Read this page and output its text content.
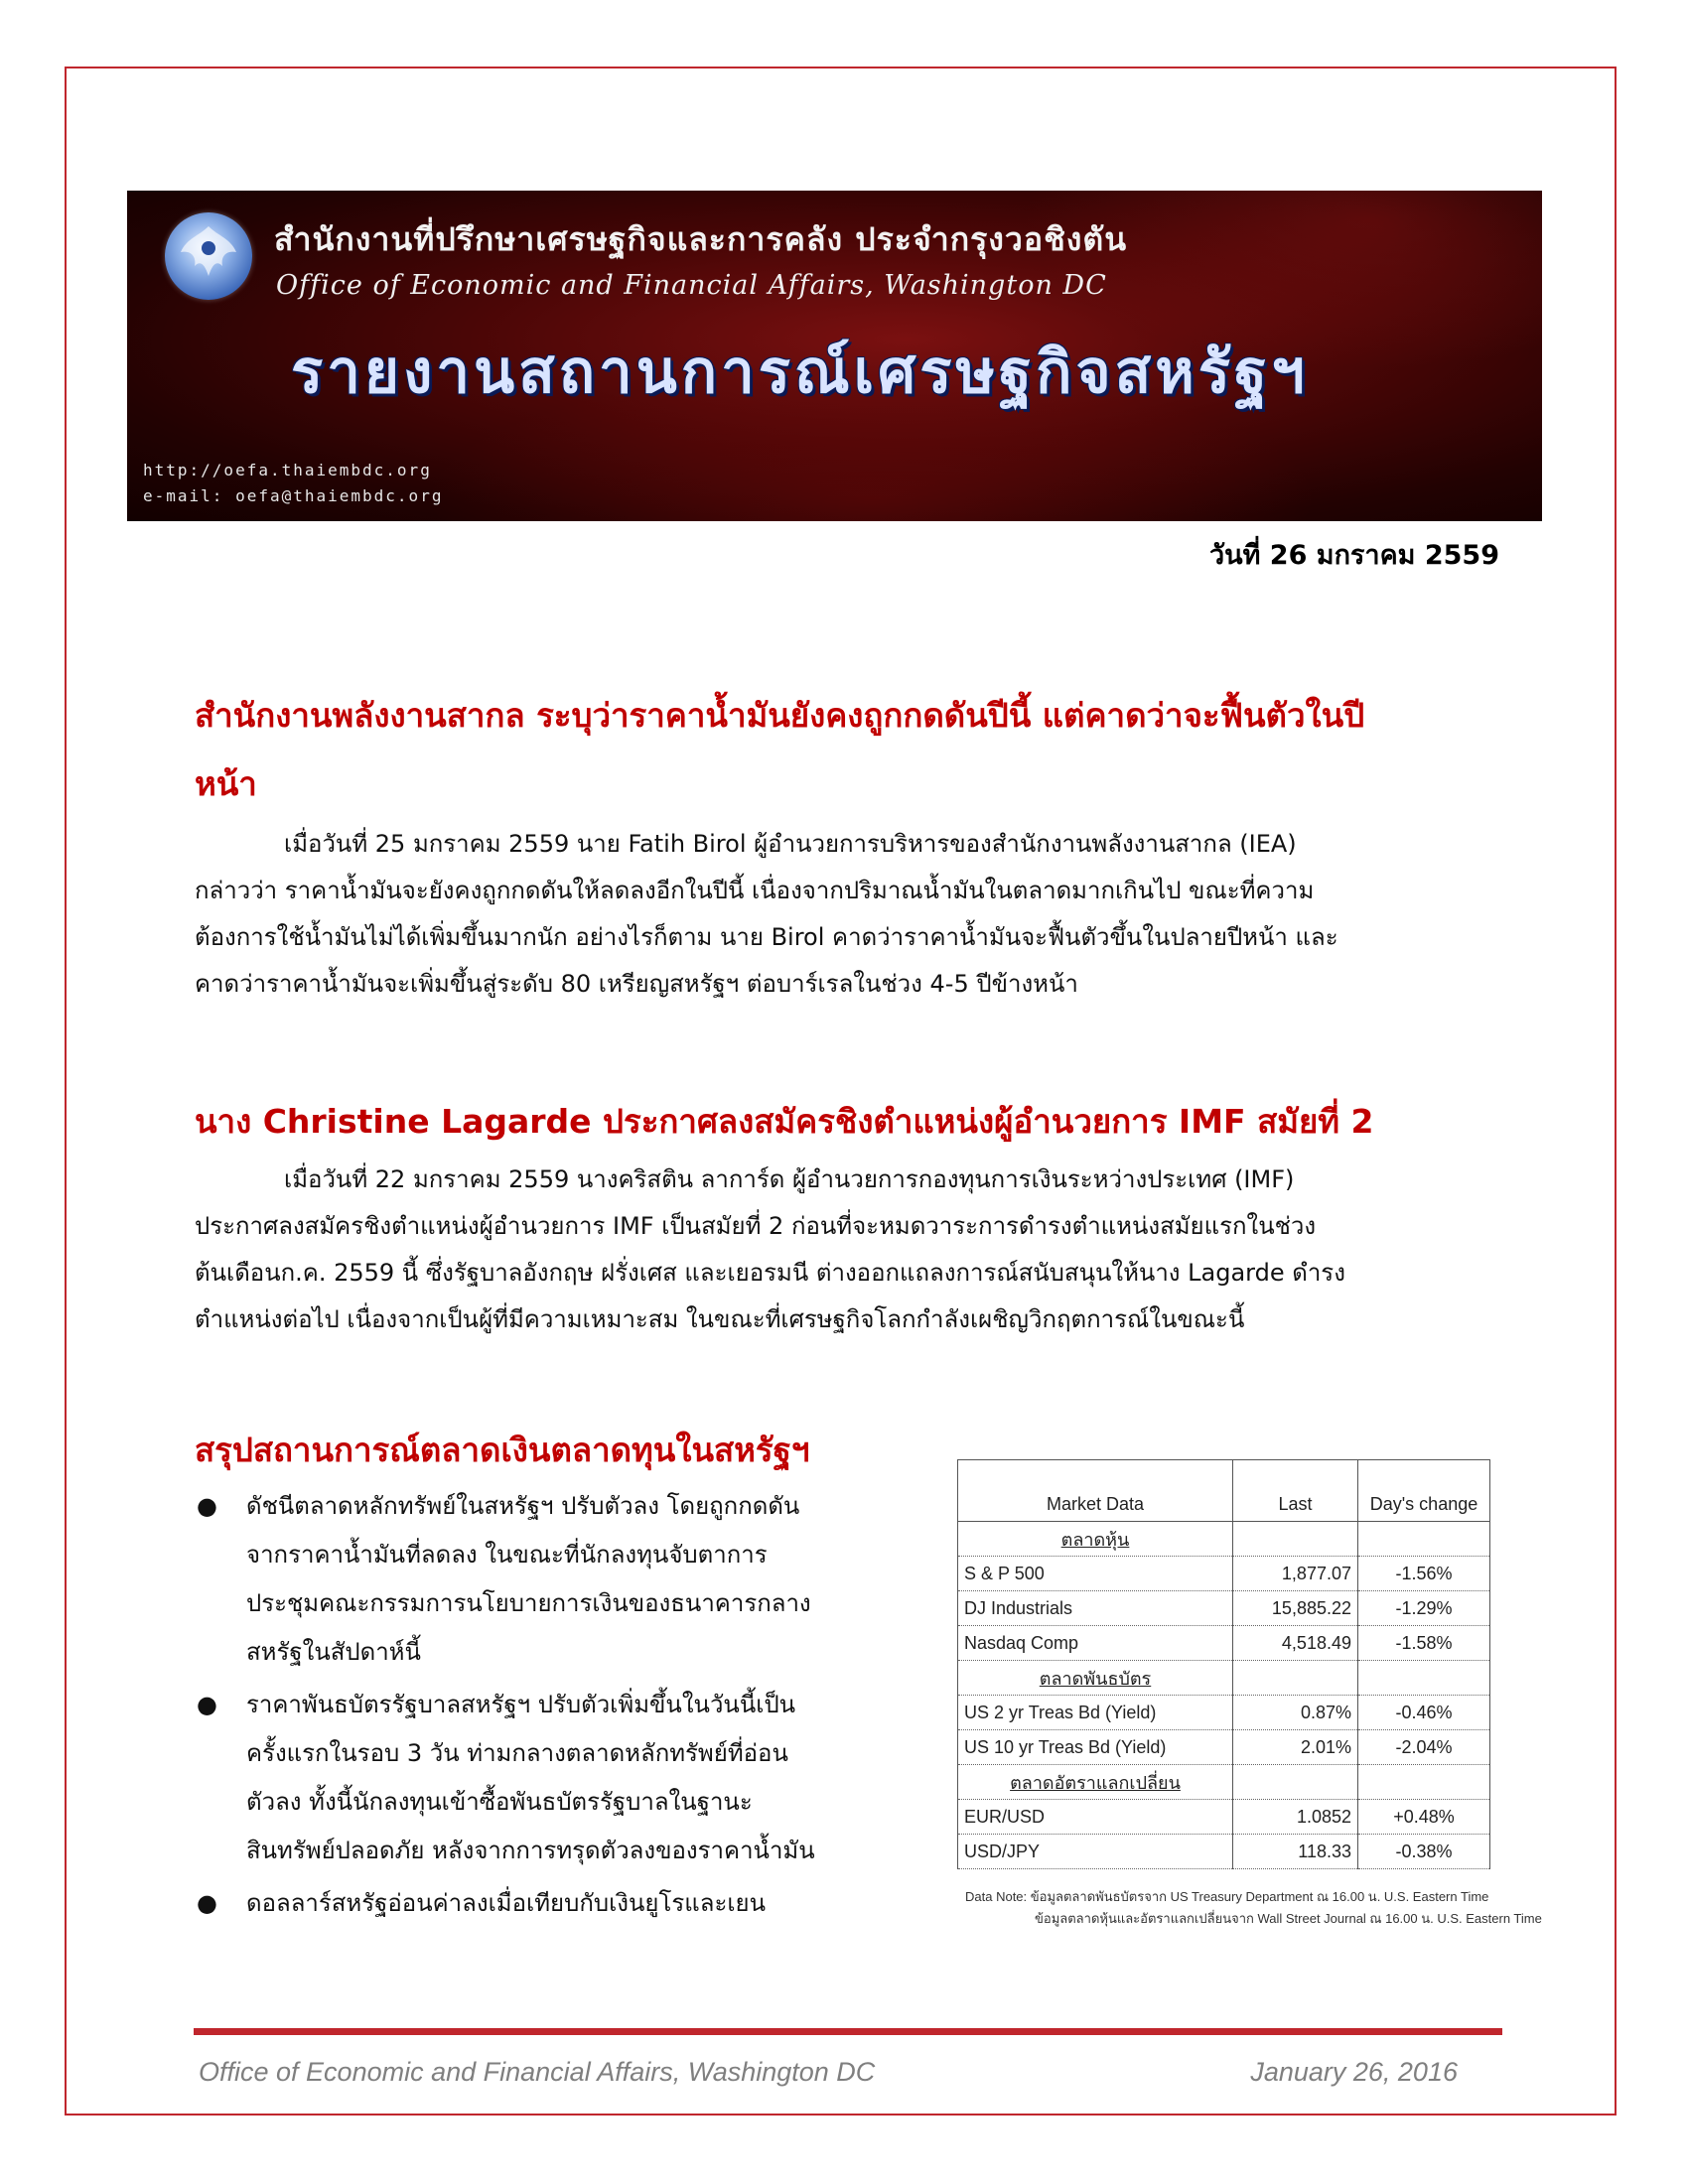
สำนักงานที่ปรึกษาเศรษฐกิจและการคลัง ประจำกรุงวอชิงตัน
Office of Economic and Financial Affairs, Washington DC
รายงานสถานการณ์เศรษฐกิจสหรัฐฯ
http://oefa.thaiembdc.org
e-mail: oefa@thaiembdc.org
วันที่ 26 มกราคม 2559
สำนักงานพลังงานสากล ระบุว่าราคาน้ำมันยังคงถูกกดดันปีนี้ แต่คาดว่าจะฟื้นตัวในปี
หน้า

เมื่อวันที่ 25 มกราคม 2559 นาย Fatih Birol ผู้อำนวยการบริหารของสำนักงานพลังงานสากล (IEA)
กล่าวว่า ราคาน้ำมันจะยังคงถูกกดดันให้ลดลงอีกในปีนี้ เนื่องจากปริมาณน้ำมันในตลาดมากเกินไป ขณะที่ความ
ต้องการใช้น้ำมันไม่ได้เพิ่มขึ้นมากนัก อย่างไรก็ตาม นาย Birol คาดว่าราคาน้ำมันจะฟื้นตัวขึ้นในปลายปีหน้า และ
คาดว่าราคาน้ำมันจะเพิ่มขึ้นสู่ระดับ 80 เหรียญสหรัฐฯ ต่อบาร์เรลในช่วง 4-5 ปีข้างหน้า

นาง Christine Lagarde ประกาศลงสมัครชิงตำแหน่งผู้อำนวยการ IMF สมัยที่ 2

เมื่อวันที่ 22 มกราคม 2559 นางคริสติน ลาการ์ด ผู้อำนวยการกองทุนการเงินระหว่างประเทศ (IMF)
ประกาศลงสมัครชิงตำแหน่งผู้อำนวยการ IMF เป็นสมัยที่ 2 ก่อนที่จะหมดวาระการดำรงตำแหน่งสมัยแรกในช่วง
ต้นเดือนก.ค. 2559 นี้ ซึ่งรัฐบาลอังกฤษ ฝรั่งเศส และเยอรมนี ต่างออกแถลงการณ์สนับสนุนให้นาง Lagarde ดำรง
ตำแหน่งต่อไป เนื่องจากเป็นผู้ที่มีความเหมาะสม ในขณะที่เศรษฐกิจโลกกำลังเผชิญวิกฤตการณ์ในขณะนี้

สรุปสถานการณ์ตลาดเงินตลาดทุนในสหรัฐฯ
● ดัชนีตลาดหลักทรัพย์ในสหรัฐฯ ปรับตัวลง โดยถูกกดดัน
จากราคาน้ำมันที่ลดลง ในขณะที่นักลงทุนจับตาการ
ประชุมคณะกรรมการนโยบายการเงินของธนาคารกลาง
สหรัฐในสัปดาห์นี้
● ราคาพันธบัตรรัฐบาลสหรัฐฯ ปรับตัวเพิ่มขึ้นในวันนี้เป็น
ครั้งแรกในรอบ 3 วัน ท่ามกลางตลาดหลักทรัพย์ที่อ่อน
ตัวลง ทั้งนี้นักลงทุนเข้าซื้อพันธบัตรรัฐบาลในฐานะ
สินทรัพย์ปลอดภัย หลังจากการทรุดตัวลงของราคาน้ำมัน
● ดอลลาร์สหรัฐอ่อนค่าลงเมื่อเทียบกับเงินยูโรและเยน
Market Data	Last	Day's change
ตลาดหุ้น		
S & P 500	1,877.07	-1.56%
DJ Industrials	15,885.22	-1.29%
Nasdaq Comp	4,518.49	-1.58%
ตลาดพันธบัตร		
US 2 yr Treas Bd (Yield)	0.87%	-0.46%
US 10 yr Treas Bd (Yield)	2.01%	-2.04%
ตลาดอัตราแลกเปลี่ยน		
EUR/USD	1.0852	+0.48%
USD/JPY	118.33	-0.38%
Data Note: ข้อมูลตลาดพันธบัตรจาก US Treasury Department ณ 16.00 น. U.S. Eastern Time
ข้อมูลตลาดหุ้นและอัตราแลกเปลี่ยนจาก Wall Street Journal ณ 16.00 น. U.S. Eastern Time
Office of Economic and Financial Affairs, Washington DC	January 26, 2016
